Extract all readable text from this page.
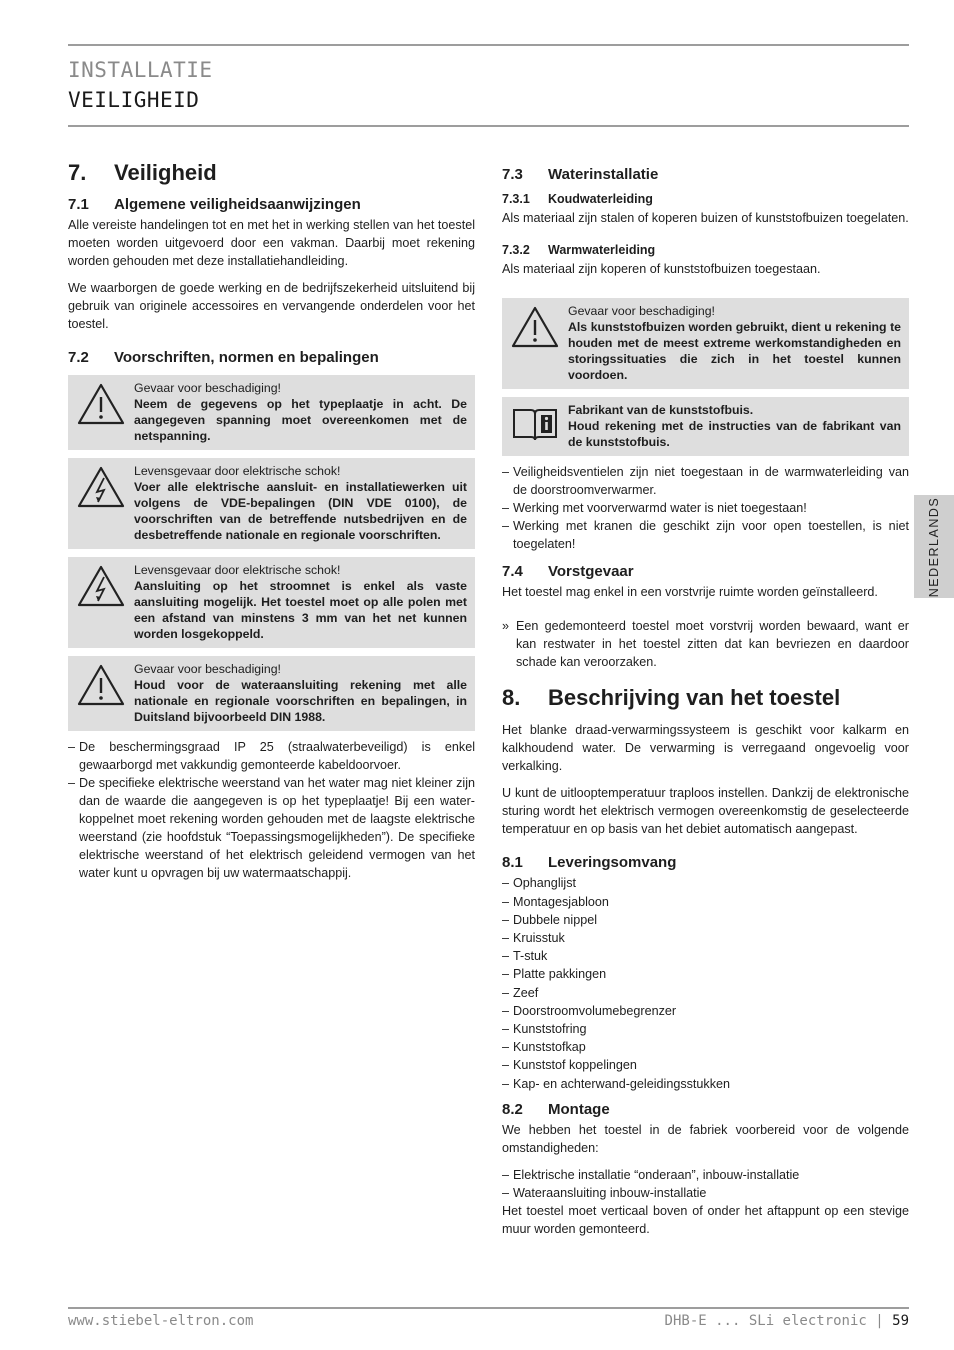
INSTALLATIE
VEILIGHEID
7.	Veiligheid
7.1	Algemene veiligheidsaanwijzingen

Alle vereiste handelingen tot en met het in werking stellen van het toestel moeten worden uitgevoerd door een vakman. Daarbij moet rekening worden gehouden met deze installatiehandleiding.

We waarborgen de goede werking en de bedrijfszekerheid uitsluitend bij gebruik van originele accessoires en vervangende onderdelen voor het toestel.

7.2	Voorschriften, normen en bepalingen
Gevaar voor beschadiging!
Neem de gegevens op het typeplaatje in acht. De aangegeven spanning moet overeenkomen met de netspanning.
Levensgevaar door elektrische schok!
Voer alle elektrische aansluit- en installatiewerken uit volgens de VDE-bepalingen (DIN VDE 0100), de voorschriften van de betreffende nutsbedrijven en de desbetreffende nationale en regionale voorschriften.
Levensgevaar door elektrische schok!
Aansluiting op het stroomnet is enkel als vaste aansluiting mogelijk. Het toestel moet op alle polen met een afstand van minstens 3 mm van het net kunnen worden losgekoppeld.
Gevaar voor beschadiging!
Houd voor de wateraansluiting rekening met alle nationale en regionale voorschriften en bepalingen, in Duitsland bijvoorbeeld DIN 1988.
– De beschermingsgraad IP 25 (straalwaterbeveiligd) is enkel gewaarborgd met vakkundig gemonteerde kabeldoorvoer.
– De specifieke elektrische weerstand van het water mag niet kleiner zijn dan de waarde die aangegeven is op het typeplaatje! Bij een water-koppelnet moet rekening worden gehouden met de laagste elektrische weerstand (zie hoofdstuk “Toepassingsmogelijkheden”). De specifieke elektrische weerstand of het elektrisch geleidend vermogen van het water kunt u opvragen bij uw watermaatschappij.
7.3	Waterinstallatie
7.3.1	Koudwaterleiding

Als materiaal zijn stalen of koperen buizen of kunststofbuizen toegelaten.

7.3.2	Warmwaterleiding

Als materiaal zijn koperen of kunststofbuizen toegestaan.

Gevaar voor beschadiging!
Als kunststofbuizen worden gebruikt, dient u rekening te houden met de meest extreme werkomstandigheden en storingssituaties die zich in het toestel kunnen voordoen.
Fabrikant van de kunststofbuis.
Houd rekening met de instructies van de fabrikant van de kunststofbuis.
– Veiligheidsventielen zijn niet toegestaan in de warmwaterleiding van de doorstroomverwarmer.
– Werking met voorverwarmd water is niet toegestaan!
– Werking met kranen die geschikt zijn voor open toestellen, is niet toegelaten!
7.4	Vorstgevaar

Het toestel mag enkel in een vorstvrije ruimte worden geïnstalleerd.

» Een gedemonteerd toestel moet vorstvrij worden bewaard, want er kan restwater in het toestel zitten dat kan bevriezen en daardoor schade kan veroorzaken.
8.	Beschrijving van het toestel

Het blanke draad-verwarmingssysteem is geschikt voor kalkarm en kalkhoudend water. De verwarming is verregaand ongevoelig voor verkalking.

U kunt de uitlooptemperatuur traploos instellen. Dankzij de elektronische sturing wordt het elektrisch vermogen overeenkomstig de geselecteerde temperatuur en op basis van het debiet automatisch aangepast.

8.1	Leveringsomvang
– Ophanglijst
– Montagesjabloon
– Dubbele nippel
– Kruisstuk
– T-stuk
– Platte pakkingen
– Zeef
– Doorstroomvolumebegrenzer
– Kunststofring
– Kunststofkap
– Kunststof koppelingen
– Kap- en achterwand-geleidingsstukken
8.2	Montage

We hebben het toestel in de fabriek voorbereid voor de volgende omstandigheden:

– Elektrische installatie “onderaan”, inbouw-installatie
– Wateraansluiting inbouw-installatie

Het toestel moet verticaal boven of onder het aftappunt op een stevige muur worden gemonteerd.

NEDERLANDS
www.stiebel-eltron.com	DHB-E ... SLi electronic | 59
